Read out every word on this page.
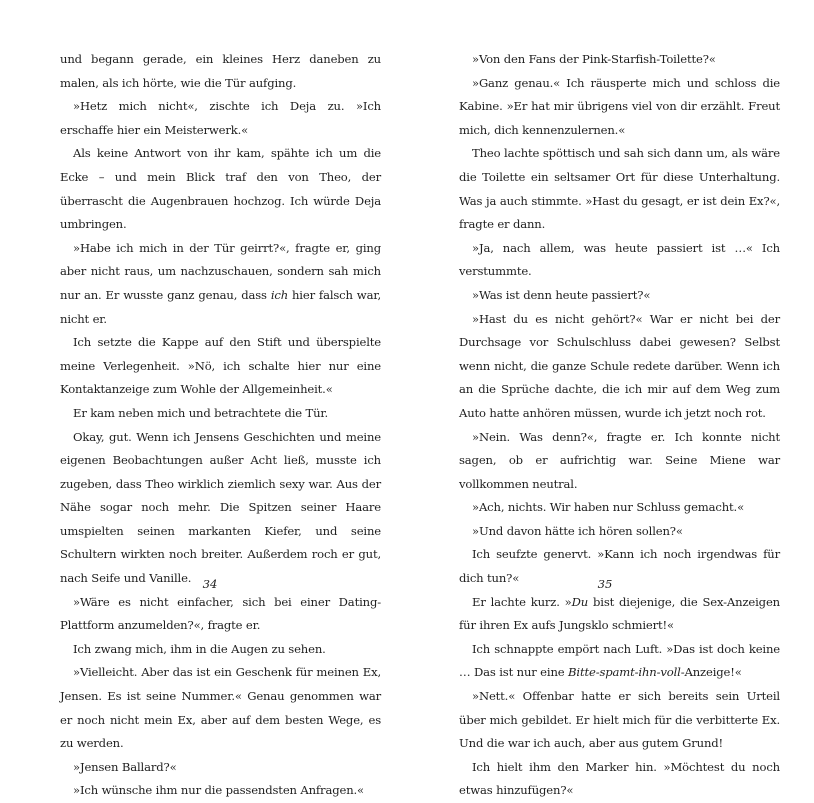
und begann gerade, ein kleines Herz daneben zu malen, als ich hörte, wie die Tür aufging.

»Hetz mich nicht«, zischte ich Deja zu. »Ich erschaffe hier ein Meisterwerk.«

Als keine Antwort von ihr kam, spähte ich um die Ecke – und mein Blick traf den von Theo, der überrascht die Augenbrauen hochzog. Ich würde Deja umbringen.

»Habe ich mich in der Tür geirrt?«, fragte er, ging aber nicht raus, um nachzuschauen, sondern sah mich nur an. Er wusste ganz genau, dass ich hier falsch war, nicht er.

Ich setzte die Kappe auf den Stift und überspielte meine Verlegenheit. »Nö, ich schalte hier nur eine Kontaktanzeige zum Wohle der Allgemeinheit.«

Er kam neben mich und betrachtete die Tür.

Okay, gut. Wenn ich Jensens Geschichten und meine eigenen Beobachtungen außer Acht ließ, musste ich zugeben, dass Theo wirklich ziemlich sexy war. Aus der Nähe sogar noch mehr. Die Spitzen seiner Haare umspielten seinen markanten Kiefer, und seine Schultern wirkten noch breiter. Außerdem roch er gut, nach Seife und Vanille.

»Wäre es nicht einfacher, sich bei einer Dating-Plattform anzumelden?«, fragte er.

Ich zwang mich, ihm in die Augen zu sehen.

»Vielleicht. Aber das ist ein Geschenk für meinen Ex, Jensen. Es ist seine Nummer.« Genau genommen war er noch nicht mein Ex, aber auf dem besten Wege, es zu werden.

»Jensen Ballard?«

»Ich wünsche ihm nur die passendsten Anfragen.«

»Von den Fans der Pink-Starfish-Toilette?«

»Ganz genau.« Ich räusperte mich und schloss die Kabine. »Er hat mir übrigens viel von dir erzählt. Freut mich, dich kennenzulernen.«

Theo lachte spöttisch und sah sich dann um, als wäre die Toilette ein seltsamer Ort für diese Unterhaltung. Was ja auch stimmte. »Hast du gesagt, er ist dein Ex?«, fragte er dann.

»Ja, nach allem, was heute passiert ist …« Ich verstummte.

»Was ist denn heute passiert?«

»Hast du es nicht gehört?« War er nicht bei der Durchsage vor Schulschluss dabei gewesen? Selbst wenn nicht, die ganze Schule redete darüber. Wenn ich an die Sprüche dachte, die ich mir auf dem Weg zum Auto hatte anhören müssen, wurde ich jetzt noch rot.

»Nein. Was denn?«, fragte er. Ich konnte nicht sagen, ob er aufrichtig war. Seine Miene war vollkommen neutral.

»Ach, nichts. Wir haben nur Schluss gemacht.«

»Und davon hätte ich hören sollen?«

Ich seufzte genervt. »Kann ich noch irgendwas für dich tun?«

Er lachte kurz. »Du bist diejenige, die Sex-Anzeigen für ihren Ex aufs Jungsklo schmiert!«

Ich schnappte empört nach Luft. »Das ist doch keine … Das ist nur eine Bitte-spamt-ihn-voll-Anzeige!«

»Nett.« Offenbar hatte er sich bereits sein Urteil über mich gebildet. Er hielt mich für die verbitterte Ex. Und die war ich auch, aber aus gutem Grund!

Ich hielt ihm den Marker hin. »Möchtest du noch etwas hinzufügen?«

34	35
